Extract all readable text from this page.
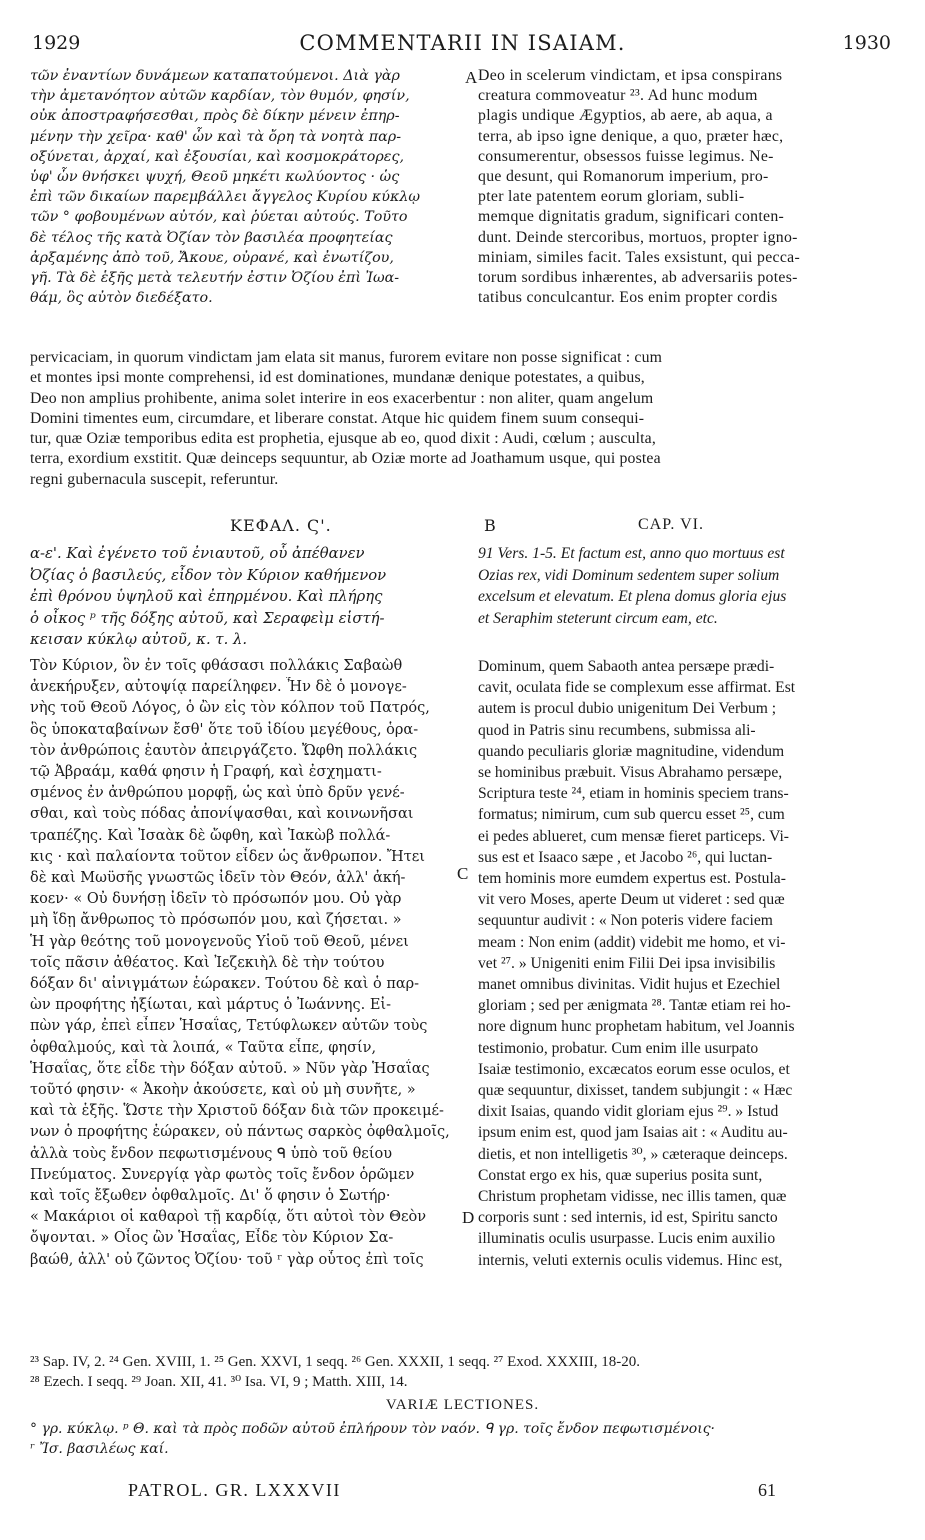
1929	COMMENTARII IN ISAIAM.	1930
τῶν ἐναντίων δυνάμεων καταπατούμενοι. Διὰ γὰρ
τὴν ἀμετανόητον αὐτῶν καρδίαν, τὸν θυμόν, φησίν,
οὐκ ἀποστραφήσεσθαι, πρὸς δὲ δίκην μένειν ἐπηρ-
μένην τὴν χεῖρα· καθ' ὧν καὶ τὰ ὄρη τὰ νοητὰ παρ-
οξύνεται, ἀρχαί, καὶ ἐξουσίαι, καὶ κοσμοκράτορες,
ὑφ' ὧν θνήσκει ψυχή, Θεοῦ μηκέτι κωλύοντος · ὡς
ἐπὶ τῶν δικαίων παρεμβάλλει ἄγγελος Κυρίου κύκλῳ
τῶν ° φοβουμένων αὐτόν, καὶ ῥύεται αὐτούς. Τοῦτο
δὲ τέλος τῆς κατὰ Ὀζίαν τὸν βασιλέα προφητείας
ἀρξαμένης ἀπὸ τοῦ, Ἄκουε, οὐρανέ, καὶ ἐνωτίζου,
γῆ. Τὰ δὲ ἑξῆς μετὰ τελευτήν ἐστιν Ὀζίου ἐπὶ Ἰωα-
θάμ, ὃς αὐτὸν διεδέξατο.
Deo in scelerum vindictam, et ipsa conspirans
creatura commoveatur ²³. Ad hunc modum
plagis undique Ægyptios, ab aere, ab aqua, a
terra, ab ipso igne denique, a quo, præter hæc,
consumerentur, obsessos fuisse legimus. Ne-
que desunt, qui Romanorum imperium, pro-
pter late patentem eorum gloriam, subli-
memque dignitatis gradum, significari conten-
dunt. Deinde stercoribus, mortuos, propter igno-
miniam, similes facit. Tales exsistunt, qui pecca-
torum sordibus inhærentes, ab adversariis potes-
tatibus conculcantur. Eos enim propter cordis
A
pervicaciam, in quorum vindictam jam elata sit manus, furorem evitare non posse significat : cum
et montes ipsi monte comprehensi, id est dominationes, mundanæ denique potestates, a quibus,
Deo non amplius prohibente, anima solet interire in eos exacerbentur : non aliter, quam angelum
Domini timentes eum, circumdare, et liberare constat. Atque hic quidem finem suum consequi-
tur, quæ Oziæ temporibus edita est prophetia, ejusque ab eo, quod dixit : Audi, cœlum ; ausculta,
terra, exordium exstitit. Quæ deinceps sequuntur, ab Oziæ morte ad Joathamum usque, qui postea
regni gubernacula suscepit, referuntur.
ΚΕΦΑΛ. Ϛ'.	B	CAP. VI.
α-ε'. Καὶ ἐγένετο τοῦ ἐνιαυτοῦ, οὗ ἀπέθανεν
Ὀζίας ὁ βασιλεύς, εἶδον τὸν Κύριον καθήμενον
ἐπὶ θρόνου ὑψηλοῦ καὶ ἐπηρμένου. Καὶ πλήρης
ὁ οἶκος ᵖ τῆς δόξης αὐτοῦ, καὶ Σεραφεὶμ εἱστή-
κεισαν κύκλῳ αὐτοῦ, κ. τ. λ.
91 Vers. 1-5. Et factum est, anno quo mortuus est
Ozias rex, vidi Dominum sedentem super solium
excelsum et elevatum. Et plena domus gloria ejus
et Seraphim steterunt circum eam, etc.
Τὸν Κύριον, ὃν ἐν τοῖς φθάσασι πολλάκις Σαβαὼθ
ἀνεκήρυξεν, αὐτοψίᾳ παρείληφεν. Ἦν δὲ ὁ μονογε-
νὴς τοῦ Θεοῦ Λόγος, ὁ ὢν εἰς τὸν κόλπον τοῦ Πατρός,
ὃς ὑποκαταβαίνων ἔσθ' ὅτε τοῦ ἰδίου μεγέθους, ὁρα-
τὸν ἀνθρώποις ἑαυτὸν ἀπειργάζετο. Ὤφθη πολλάκις
τῷ Ἀβραάμ, καθά φησιν ἡ Γραφή, καὶ ἐσχηματι-
σμένος ἐν ἀνθρώπου μορφῇ, ὡς καὶ ὑπὸ δρῦν γενέ-
σθαι, καὶ τοὺς πόδας ἀπονίψασθαι, καὶ κοινωνῆσαι
τραπέζης. Καὶ Ἰσαὰκ δὲ ὤφθη, καὶ Ἰακὼβ πολλά-
κις · καὶ παλαίοντα τοῦτον εἶδεν ὡς ἄνθρωπον. Ἤτει
δὲ καὶ Μωϋσῆς γνωστῶς ἰδεῖν τὸν Θεόν, ἀλλ' ἀκή-
κοεν· « Οὐ δυνήσῃ ἰδεῖν τὸ πρόσωπόν μου. Οὐ γὰρ
μὴ ἴδῃ ἄνθρωπος τὸ πρόσωπόν μου, καὶ ζήσεται. »
Ἡ γὰρ θεότης τοῦ μονογενοῦς Υἱοῦ τοῦ Θεοῦ, μένει
τοῖς πᾶσιν ἀθέατος. Καὶ Ἰεζεκιὴλ δὲ τὴν τούτου
δόξαν δι' αἰνιγμάτων ἑώρακεν. Τούτου δὲ καὶ ὁ παρ-
ὼν προφήτης ἠξίωται, καὶ μάρτυς ὁ Ἰωάννης. Εἰ-
πὼν γάρ, ἐπεὶ εἶπεν Ἡσαΐας, Τετύφλωκεν αὐτῶν τοὺς
ὀφθαλμούς, καὶ τὰ λοιπά, « Ταῦτα εἶπε, φησίν,
Ἡσαΐας, ὅτε εἶδε τὴν δόξαν αὐτοῦ. » Νῦν γὰρ Ἡσαΐας
τοῦτό φησιν· « Ἀκοὴν ἀκούσετε, καὶ οὐ μὴ συνῆτε, »
καὶ τὰ ἑξῆς. Ὥστε τὴν Χριστοῦ δόξαν διὰ τῶν προκειμέ-
νων ὁ προφήτης ἑώρακεν, οὐ πάντως σαρκὸς ὀφθαλμοῖς,
ἀλλὰ τοὺς ἔνδον πεφωτισμένους ᑫ ὑπὸ τοῦ θείου
Πνεύματος. Συνεργίᾳ γὰρ φωτὸς τοῖς ἔνδον ὁρῶμεν
καὶ τοῖς ἔξωθεν ὀφθαλμοῖς. Δι' ὅ φησιν ὁ Σωτήρ·
« Μακάριοι οἱ καθαροὶ τῇ καρδίᾳ, ὅτι αὐτοὶ τὸν Θεὸν
ὄψονται. » Οἷος ὢν Ἡσαΐας, Εἶδε τὸν Κύριον Σα-
βαώθ, ἀλλ' οὐ ζῶντος Ὀζίου· τοῦ ʳ γὰρ οὗτος ἐπὶ τοῖς
Dominum, quem Sabaoth antea persæpe prædi-
cavit, oculata fide se complexum esse affirmat. Est
autem is procul dubio unigenitum Dei Verbum ;
quod in Patris sinu recumbens, submissa ali-
quando peculiaris gloriæ magnitudine, videndum
se hominibus præbuit. Visus Abrahamo persæpe,
Scriptura teste ²⁴, etiam in hominis speciem trans-
formatus; nimirum, cum sub quercu esset ²⁵, cum
ei pedes ablueret, cum mensæ fieret particeps. Vi-
sus est et Isaaco sæpe , et Jacobo ²⁶, qui luctan-
tem hominis more eumdem expertus est. Postula-
vit vero Moses, aperte Deum ut videret : sed quæ
sequuntur audivit : « Non poteris videre faciem
meam : Non enim (addit) videbit me homo, et vi-
vet ²⁷. » Unigeniti enim Filii Dei ipsa invisibilis
manet omnibus divinitas. Vidit hujus et Ezechiel
gloriam ; sed per ænigmata ²⁸. Tantæ etiam rei ho-
nore dignum hunc prophetam habitum, vel Joannis
testimonio, probatur. Cum enim ille usurpato
Isaiæ testimonio, excæcatos eorum esse oculos, et
quæ sequuntur, dixisset, tandem subjungit : « Hæc
dixit Isaias, quando vidit gloriam ejus ²⁹. » Istud
ipsum enim est, quod jam Isaias ait : « Auditu au-
dietis, et non intelligetis ³⁰, » cæteraque deinceps.
Constat ergo ex his, quæ superius posita sunt,
Christum prophetam vidisse, nec illis tamen, quæ
corporis sunt : sed internis, id est, Spiritu sancto
illuminatis oculis usurpasse. Lucis enim auxilio
internis, veluti externis oculis videmus. Hinc est,
C
D
²³ Sap. IV, 2. ²⁴ Gen. XVIII, 1. ²⁵ Gen. XXVI, 1 seqq. ²⁶ Gen. XXXII, 1 seqq. ²⁷ Exod. XXXIII, 18-20.
²⁸ Ezech. I seqq. ²⁹ Joan. XII, 41. ³⁰ Isa. VI, 9 ; Matth. XIII, 14.
VARIÆ LECTIONES.
° γρ. κύκλῳ. ᵖ Θ. καὶ τὰ πρὸς ποδῶν αὐτοῦ ἐπλήρουν τὸν ναόν. ᑫ γρ. τοῖς ἔνδον πεφωτισμένοις·
ʳ Ἴσ. βασιλέως καί.
PATROL. GR. LXXXVII	61
